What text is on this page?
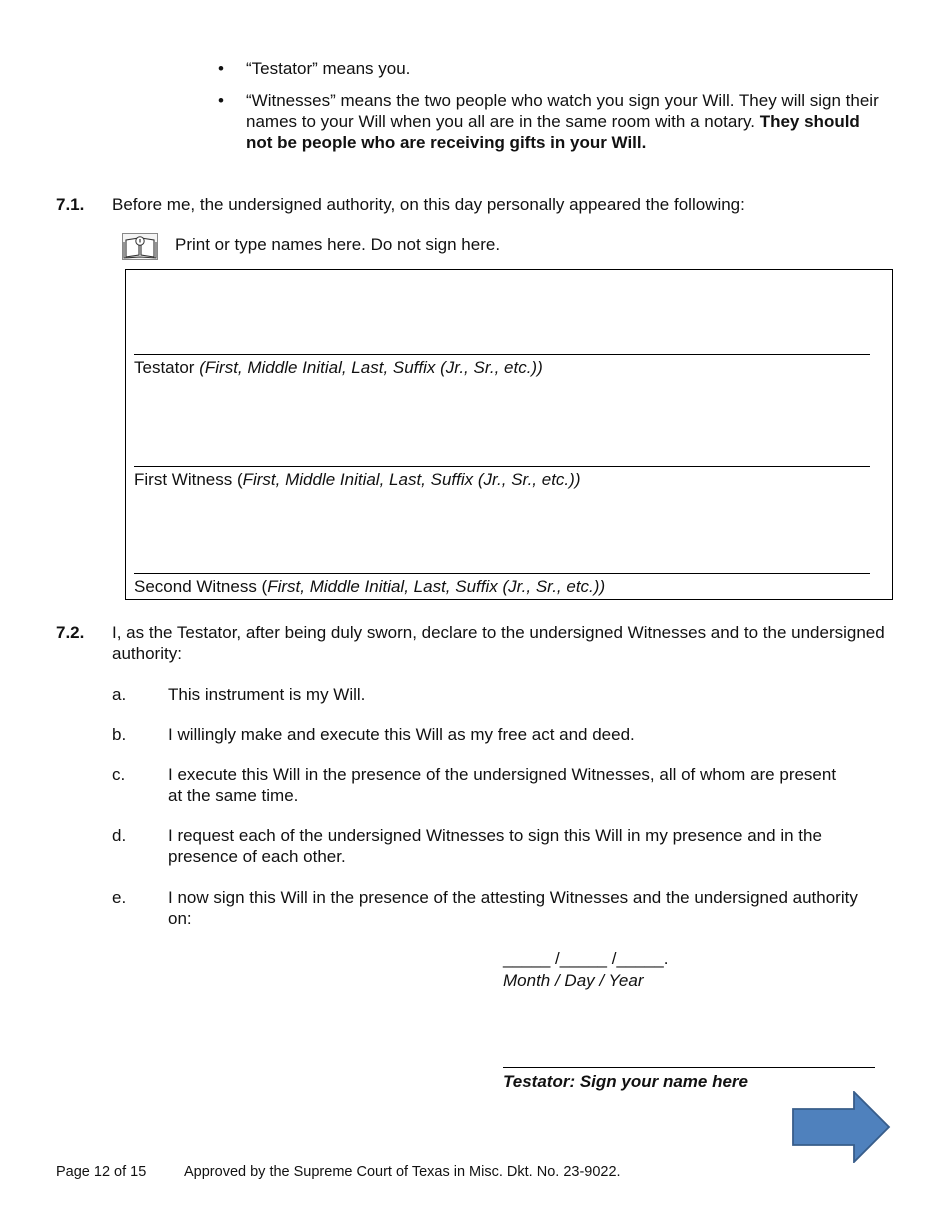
• “Testator” means you.
• “Witnesses” means the two people who watch you sign your Will. They will sign their names to your Will when you all are in the same room with a notary. They should not be people who are receiving gifts in your Will.
7.1. Before me, the undersigned authority, on this day personally appeared the following:
Print or type names here. Do not sign here.
Testator (First, Middle Initial, Last, Suffix (Jr., Sr., etc.))
First Witness (First, Middle Initial, Last, Suffix (Jr., Sr., etc.))
Second Witness (First, Middle Initial, Last, Suffix (Jr., Sr., etc.))
7.2. I, as the Testator, after being duly sworn, declare to the undersigned Witnesses and to the undersigned authority:
a. This instrument is my Will.
b. I willingly make and execute this Will as my free act and deed.
c.	I execute this Will in the presence of the undersigned Witnesses, all of whom are present at the same time.
d. I request each of the undersigned Witnesses to sign this Will in my presence and in the presence of each other.
e. I now sign this Will in the presence of the attesting Witnesses and the undersigned authority on:
_____ /_____ /_____.
Month / Day / Year
Testator: Sign your name here
Page 12 of 15	Approved by the Supreme Court of Texas in Misc. Dkt. No. 23-9022.
